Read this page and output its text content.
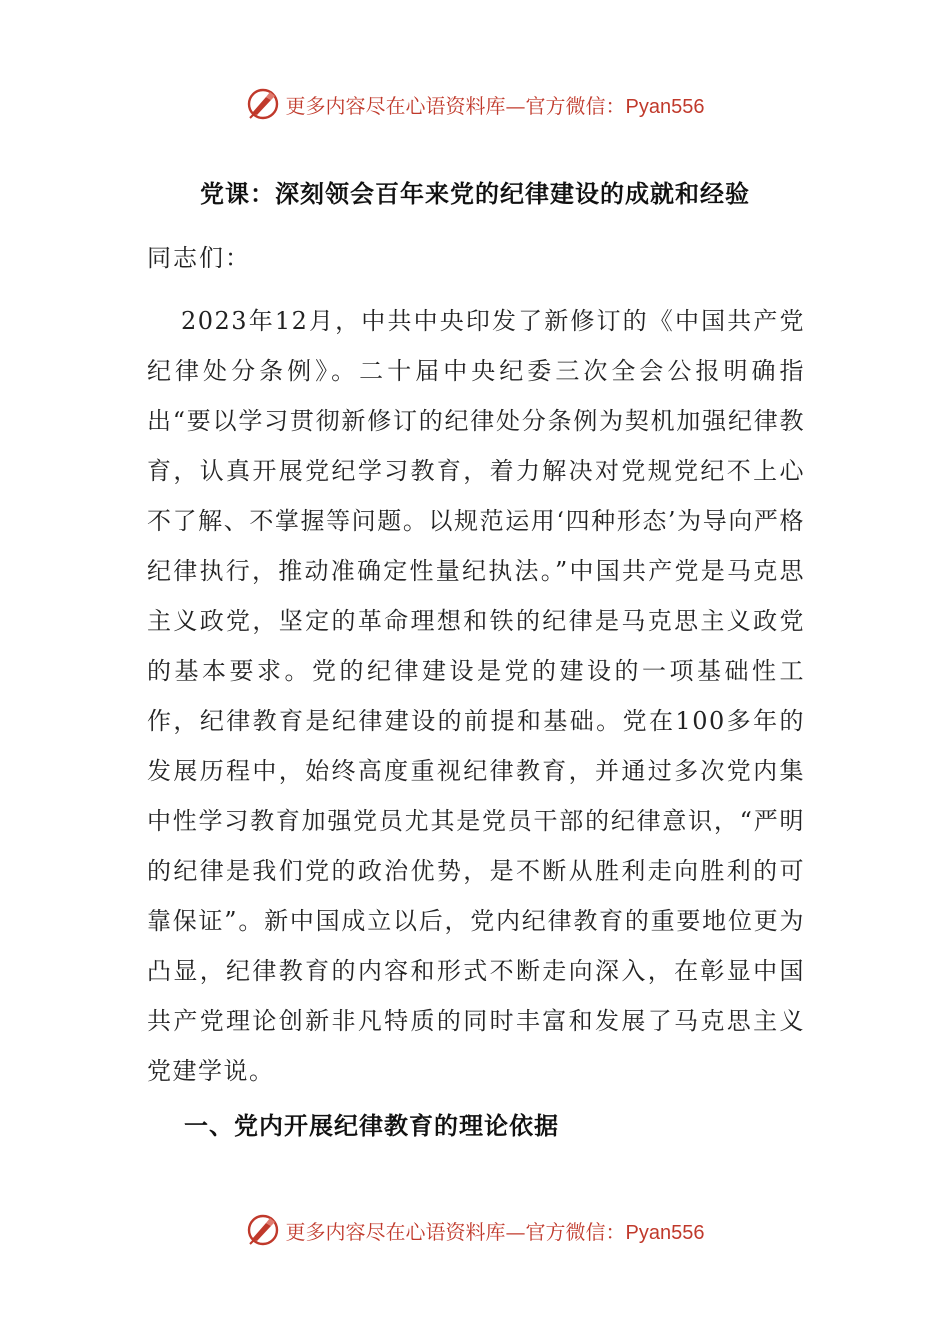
更多内容尽在心语资料库—官方微信：Pyan556
党课：深刻领会百年来党的纪律建设的成就和经验
同志们：

2023年12月，中共中央印发了新修订的《中国共产党纪律处分条例》。二十届中央纪委三次全会公报明确指出“要以学习贯彻新修订的纪律处分条例为契机加强纪律教育，认真开展党纪学习教育，着力解决对党规党纪不上心不了解、不掌握等问题。以规范运用‘四种形态’为导向严格纪律执行，推动准确定性量纪执法。”中国共产党是马克思主义政党，坚定的革命理想和铁的纪律是马克思主义政党的基本要求。党的纪律建设是党的建设的一项基础性工作，纪律教育是纪律建设的前提和基础。党在100多年的发展历程中，始终高度重视纪律教育，并通过多次党内集中性学习教育加强党员尤其是党员干部的纪律意识，“严明的纪律是我们党的政治优势，是不断从胜利走向胜利的可靠保证”。新中国成立以后，党内纪律教育的重要地位更为凸显，纪律教育的内容和形式不断走向深入，在彰显中国共产党理论创新非凡特质的同时丰富和发展了马克思主义党建学说。

一、党内开展纪律教育的理论依据
更多内容尽在心语资料库—官方微信：Pyan556
